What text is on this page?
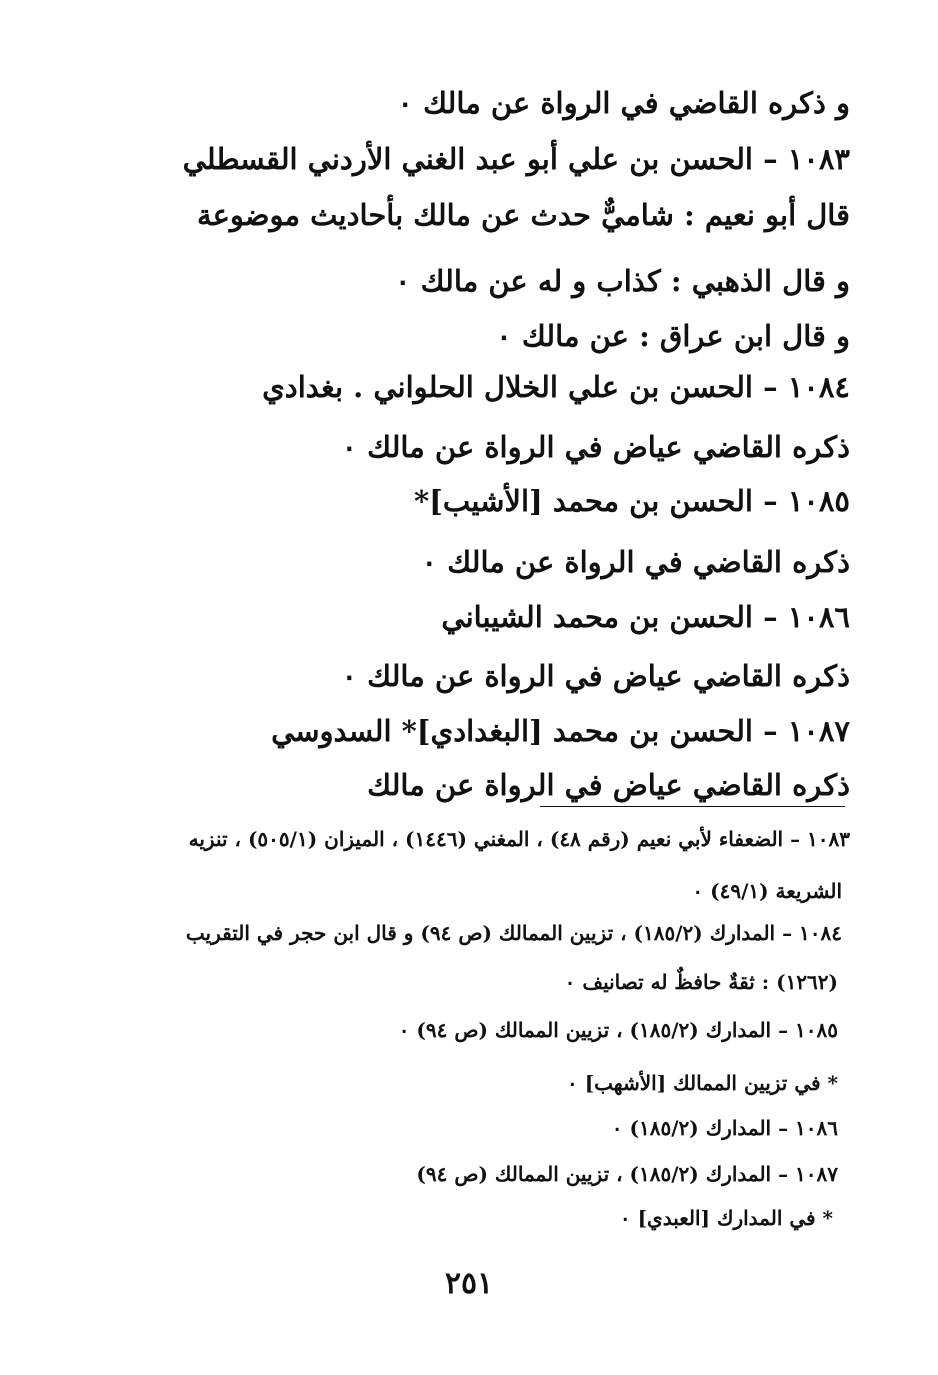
و ذكره القاضي في الرواة عن مالك ٠
١٠٨٣ – الحسن بن علي أبو عبد الغني الأردني القسطلي
قال أبو نعيم : شاميٌّ حدث عن مالك بأحاديث موضوعة
و قال الذهبي : كذاب و له عن مالك ٠
و قال ابن عراق : عن مالك ٠
١٠٨٤ – الحسن بن علي الخلال الحلواني . بغدادي
ذكره القاضي عياض في الرواة عن مالك ٠
١٠٨٥ – الحسن بن محمد [الأشيب]*
ذكره القاضي في الرواة عن مالك ٠
١٠٨٦ – الحسن بن محمد الشيباني
ذكره القاضي عياض في الرواة عن مالك ٠
١٠٨٧ – الحسن بن محمد [البغدادي]* السدوسي
ذكره القاضي عياض في الرواة عن مالك
١٠٨٣ – الضعفاء لأبي نعيم (رقم ٤٨) ، المغني (١٤٤٦) ، الميزان (٥٠٥/١) ، تنزيه
الشريعة (٤٩/١) ٠
١٠٨٤ – المدارك (١٨٥/٢) ، تزيين الممالك (ص ٩٤) و قال ابن حجر في التقريب
(١٢٦٢) : ثقةٌ حافظٌ له تصانيف ٠
١٠٨٥ – المدارك (١٨٥/٢) ، تزيين الممالك (ص ٩٤) ٠
* في تزيين الممالك [الأشهب] ٠
١٠٨٦ – المدارك (١٨٥/٢) ٠
١٠٨٧ – المدارك (١٨٥/٢) ، تزيين الممالك (ص ٩٤)
* في المدارك [العبدي] ٠
٢٥١
